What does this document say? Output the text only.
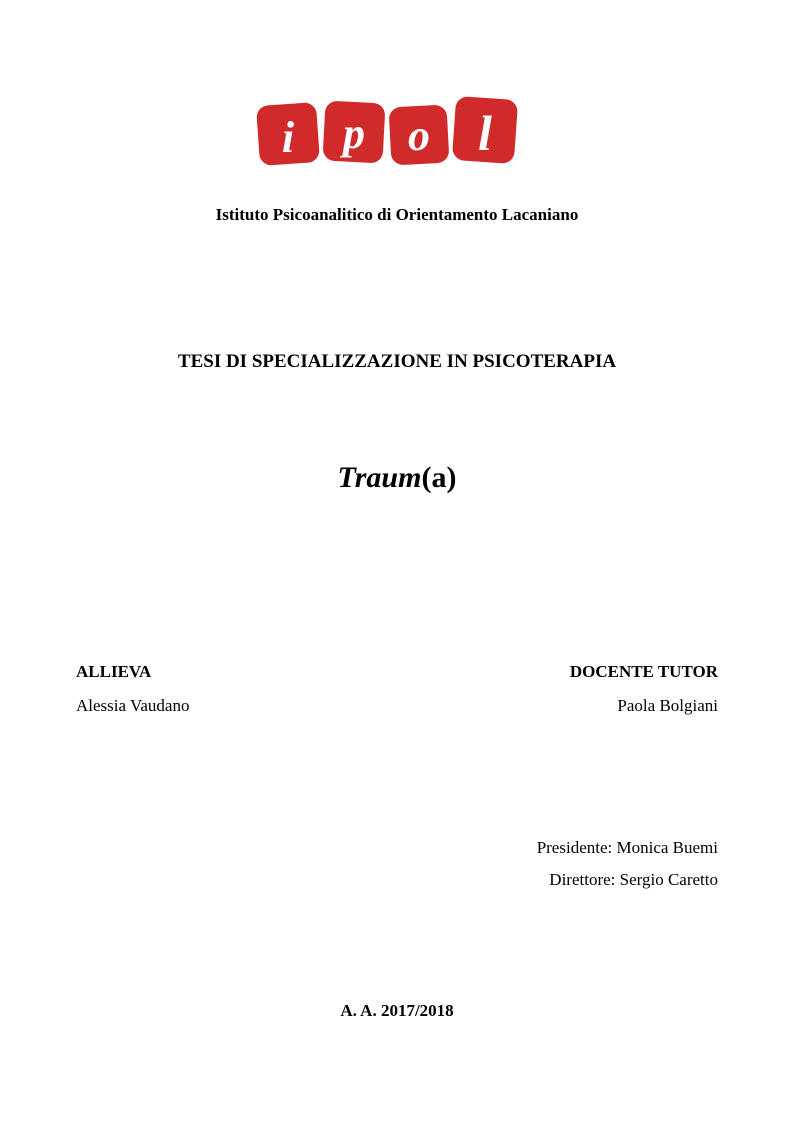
i p o l
Istituto Psicoanalitico di Orientamento Lacaniano
TESI DI SPECIALIZZAZIONE IN PSICOTERAPIA
Traum(a)
ALLIEVA
Alessia Vaudano
DOCENTE TUTOR
Paola Bolgiani
Presidente: Monica Buemi
Direttore: Sergio Caretto
A. A. 2017/2018
